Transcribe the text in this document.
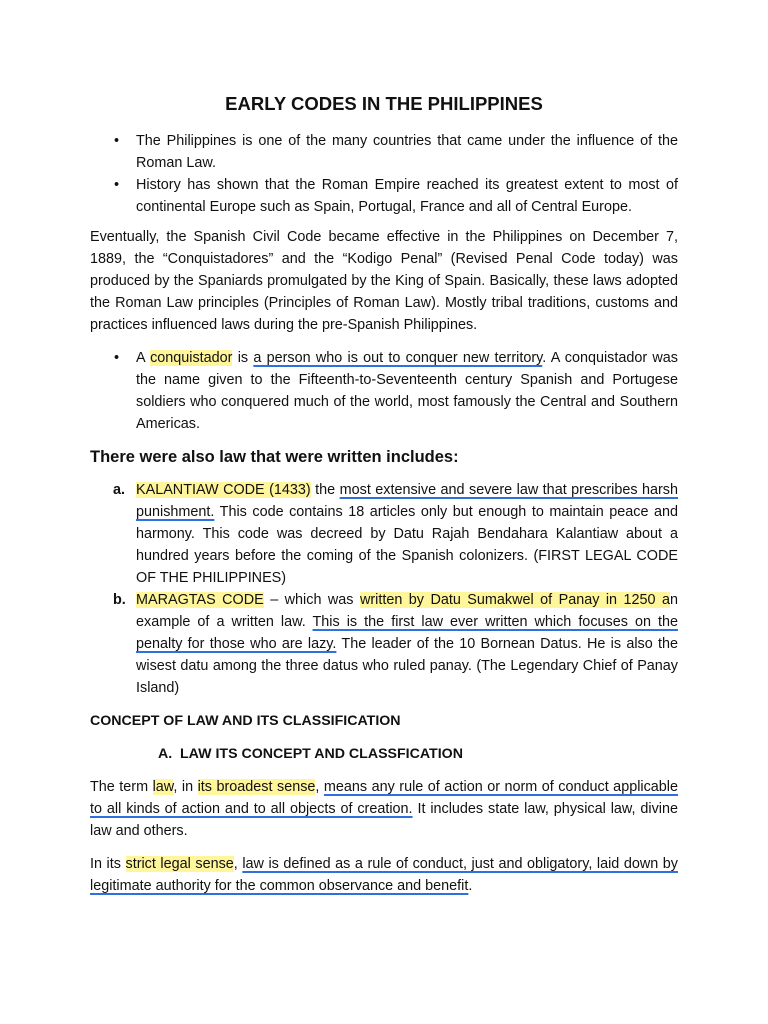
EARLY CODES IN THE PHILIPPINES
• The Philippines is one of the many countries that came under the influence of the Roman Law.
• History has shown that the Roman Empire reached its greatest extent to most of continental Europe such as Spain, Portugal, France and all of Central Europe.

Eventually, the Spanish Civil Code became effective in the Philippines on December 7, 1889, the “Conquistadores” and the “Kodigo Penal” (Revised Penal Code today) was produced by the Spaniards promulgated by the King of Spain. Basically, these laws adopted the Roman Law principles (Principles of Roman Law). Mostly tribal traditions, customs and practices influenced laws during the pre-Spanish Philippines.

• A conquistador is a person who is out to conquer new territory. A conquistador was the name given to the Fifteenth-to-Seventeenth century Spanish and Portugese soldiers who conquered much of the world, most famously the Central and Southern Americas.
There were also law that were written includes:
a. KALANTIAW CODE (1433) the most extensive and severe law that prescribes harsh punishment. This code contains 18 articles only but enough to maintain peace and harmony. This code was decreed by Datu Rajah Bendahara Kalantiaw about a hundred years before the coming of the Spanish colonizers. (FIRST LEGAL CODE OF THE PHILIPPINES)
b. MARAGTAS CODE – which was written by Datu Sumakwel of Panay in 1250 an example of a written law. This is the first law ever written which focuses on the penalty for those who are lazy. The leader of the 10 Bornean Datus. He is also the wisest datu among the three datus who ruled panay. (The Legendary Chief of Panay Island)
CONCEPT OF LAW AND ITS CLASSIFICATION
A. LAW ITS CONCEPT AND CLASSFICATION

The term law, in its broadest sense, means any rule of action or norm of conduct applicable to all kinds of action and to all objects of creation. It includes state law, physical law, divine law and others.

In its strict legal sense, law is defined as a rule of conduct, just and obligatory, laid down by legitimate authority for the common observance and benefit.
